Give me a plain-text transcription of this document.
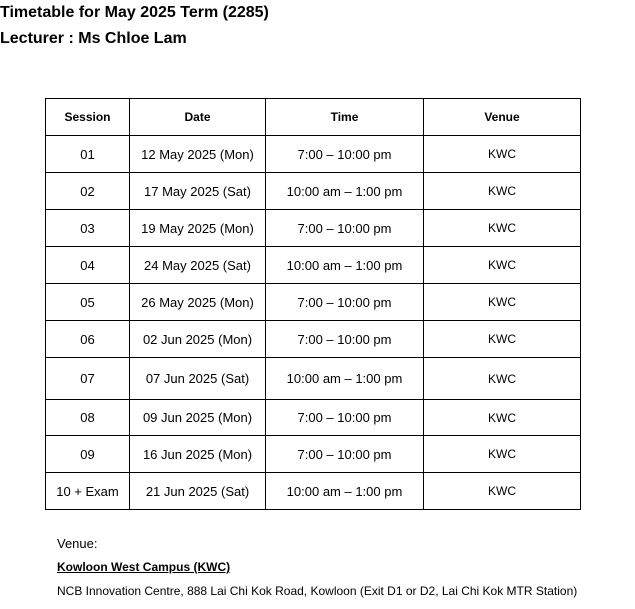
Timetable for May 2025 Term (2285)
Lecturer : Ms Chloe Lam
Session	Date	Time	Venue
01	12 May 2025 (Mon)	7:00 – 10:00 pm	KWC
02	17 May 2025 (Sat)	10:00 am – 1:00 pm	KWC
03	19 May 2025 (Mon)	7:00 – 10:00 pm	KWC
04	24 May 2025 (Sat)	10:00 am – 1:00 pm	KWC
05	26 May 2025 (Mon)	7:00 – 10:00 pm	KWC
06	02 Jun 2025 (Mon)	7:00 – 10:00 pm	KWC
07	07 Jun 2025 (Sat)	10:00 am – 1:00 pm	KWC
08	09 Jun 2025 (Mon)	7:00 – 10:00 pm	KWC
09	16 Jun 2025 (Mon)	7:00 – 10:00 pm	KWC
10 + Exam	21 Jun 2025 (Sat)	10:00 am – 1:00 pm	KWC
Venue:
Kowloon West Campus (KWC)
NCB Innovation Centre, 888 Lai Chi Kok Road, Kowloon (Exit D1 or D2, Lai Chi Kok MTR Station)
